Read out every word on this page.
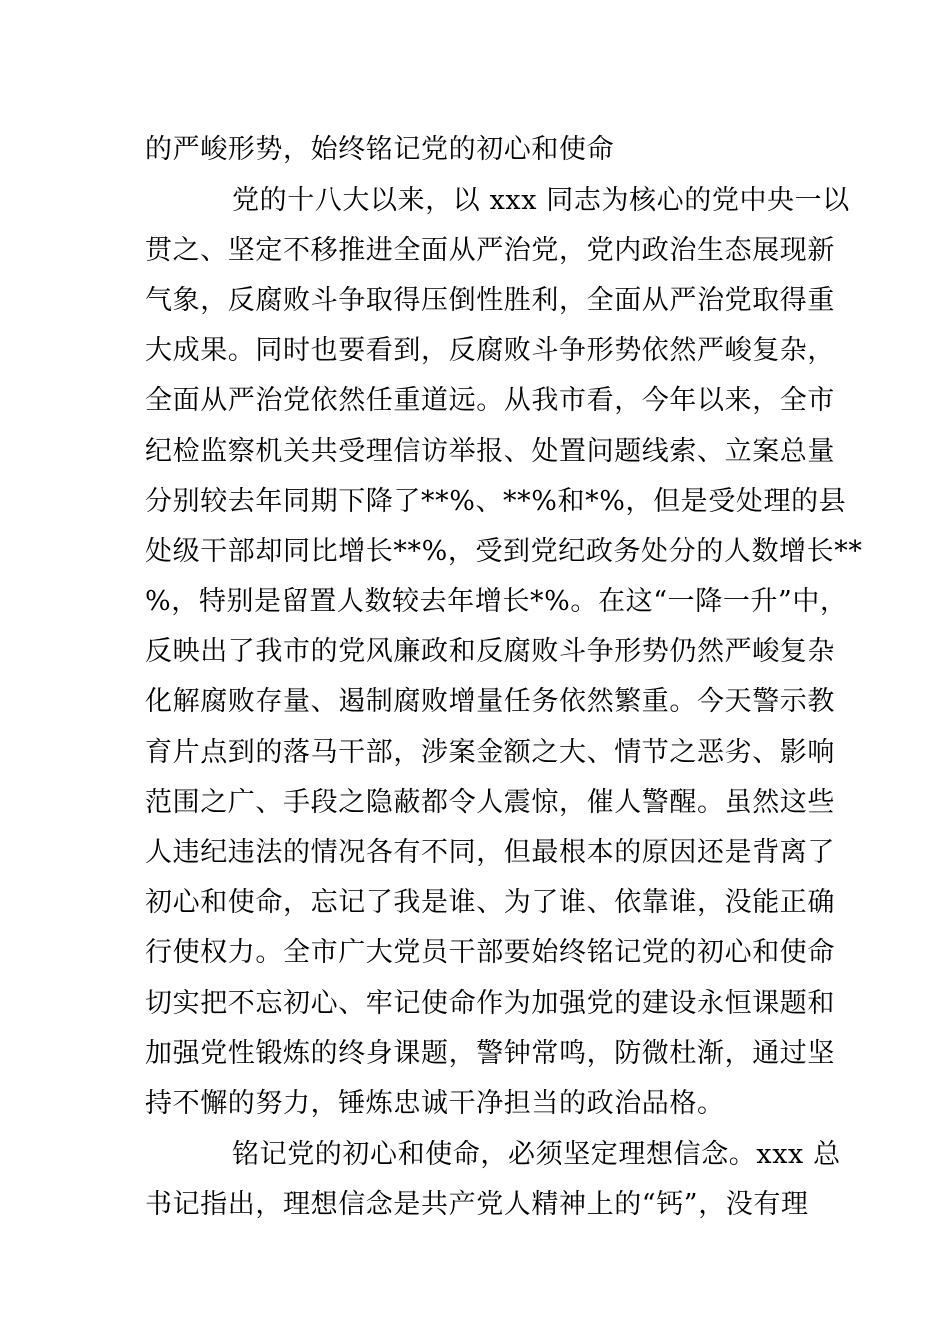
的严峻形势，始终铭记党的初心和使命
党的十八大以来，以 xxx 同志为核心的党中央一以
贯之、坚定不移推进全面从严治党，党内政治生态展现新
气象，反腐败斗争取得压倒性胜利，全面从严治党取得重
大成果。同时也要看到，反腐败斗争形势依然严峻复杂，
全面从严治党依然任重道远。从我市看，今年以来，全市
纪检监察机关共受理信访举报、处置问题线索、立案总量
分别较去年同期下降了**%、**%和*%，但是受处理的县
处级干部却同比增长**%，受到党纪政务处分的人数增长**
%，特别是留置人数较去年增长*%。在这“一降一升”中，
反映出了我市的党风廉政和反腐败斗争形势仍然严峻复杂
化解腐败存量、遏制腐败增量任务依然繁重。今天警示教
育片点到的落马干部，涉案金额之大、情节之恶劣、影响
范围之广、手段之隐蔽都令人震惊，催人警醒。虽然这些
人违纪违法的情况各有不同，但最根本的原因还是背离了
初心和使命，忘记了我是谁、为了谁、依靠谁，没能正确
行使权力。全市广大党员干部要始终铭记党的初心和使命
切实把不忘初心、牢记使命作为加强党的建设永恒课题和
加强党性锻炼的终身课题，警钟常鸣，防微杜渐，通过坚
持不懈的努力，锤炼忠诚干净担当的政治品格。
铭记党的初心和使命，必须坚定理想信念。xxx 总
书记指出，理想信念是共产党人精神上的“钙”，没有理
